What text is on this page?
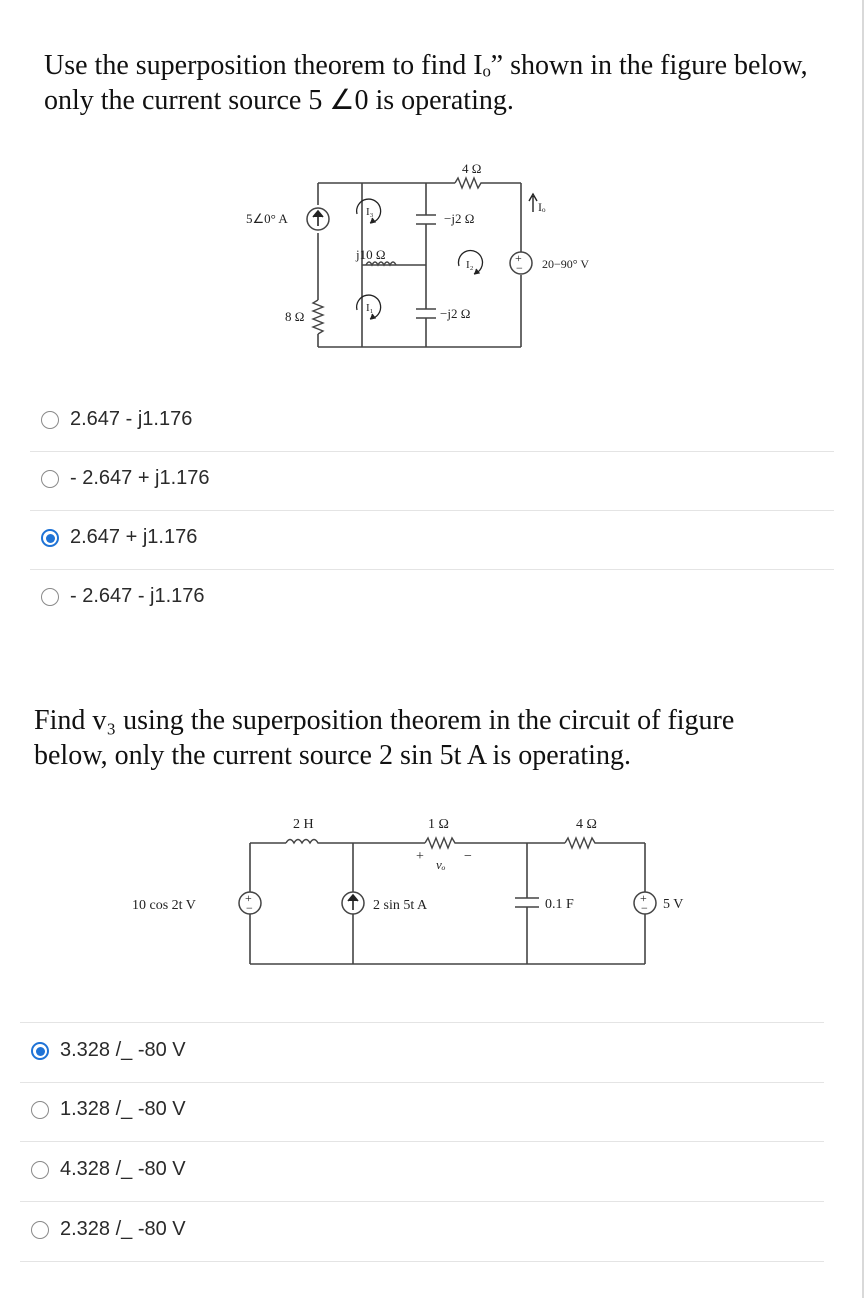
Use the superposition theorem to find Iₒ” shown in the figure below,
only the current source 5 ∠0 is operating.
+
−
5∠0° A
8 Ω
j10 Ω
4 Ω
−j2 Ω
−j2 Ω
20−90° V
I₁
I₂
I₃	Iₒ
2.647 - j1.176
- 2.647 + j1.176
2.647 + j1.176
- 2.647 - j1.176
Find v₃ using the superposition theorem in the circuit of figure
below, only the current source 2 sin 5t A is operating.
+
−
+
−
+	−
10 cos 2t V
2 H	1 Ω
vₒ
2 sin 5t A
4 Ω
0.1 F	5 V
3.328 /_ -80 V
1.328 /_ -80 V
4.328 /_ -80 V
2.328 /_ -80 V
